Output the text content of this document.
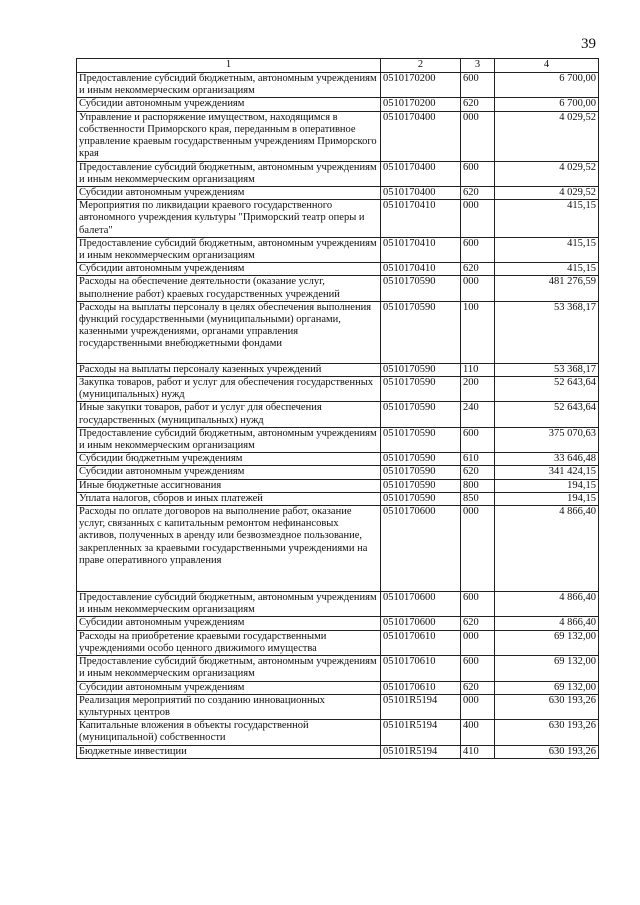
39
1	2	3	4
Предоставление субсидий бюджетным, автономным учреждениям и иным некоммерческим организациям	0510170200	600	6 700,00
Субсидии автономным учреждениям	0510170200	620	6 700,00
Управление и распоряжение имуществом, находящимся в собственности Приморского края, переданным в оперативное управление краевым государственным учреждениям Приморского края	0510170400	000	4 029,52
Предоставление субсидий бюджетным, автономным учреждениям и иным некоммерческим организациям	0510170400	600	4 029,52
Субсидии автономным учреждениям	0510170400	620	4 029,52
Мероприятия по ликвидации краевого государственного автономного учреждения культуры "Приморский театр оперы и балета"	0510170410	000	415,15
Предоставление субсидий бюджетным, автономным учреждениям и иным некоммерческим организациям	0510170410	600	415,15
Субсидии автономным учреждениям	0510170410	620	415,15
Расходы на обеспечение деятельности (оказание услуг, выполнение работ) краевых государственных учреждений	0510170590	000	481 276,59
Расходы на выплаты персоналу в целях обеспечения выполнения функций государственными (муниципальными) органами, казенными учреждениями, органами управления государственными внебюджетными фондами	0510170590	100	53 368,17
Расходы на выплаты персоналу казенных учреждений	0510170590	110	53 368,17
Закупка товаров, работ и услуг для обеспечения государственных (муниципальных) нужд	0510170590	200	52 643,64
Иные закупки товаров, работ и услуг для обеспечения государственных (муниципальных) нужд	0510170590	240	52 643,64
Предоставление субсидий бюджетным, автономным учреждениям и иным некоммерческим организациям	0510170590	600	375 070,63
Субсидии бюджетным учреждениям	0510170590	610	33 646,48
Субсидии автономным учреждениям	0510170590	620	341 424,15
Иные бюджетные ассигнования	0510170590	800	194,15
Уплата налогов, сборов и иных платежей	0510170590	850	194,15
Расходы по оплате договоров на выполнение работ, оказание услуг, связанных с капитальным ремонтом нефинансовых активов, полученных в аренду или безвозмездное пользование, закрепленных за краевыми государственными учреждениями на праве оперативного управления	0510170600	000	4 866,40
Предоставление субсидий бюджетным, автономным учреждениям и иным некоммерческим организациям	0510170600	600	4 866,40
Субсидии автономным учреждениям	0510170600	620	4 866,40
Расходы на приобретение краевыми государственными учреждениями особо ценного движимого имущества	0510170610	000	69 132,00
Предоставление субсидий бюджетным, автономным учреждениям и иным некоммерческим организациям	0510170610	600	69 132,00
Субсидии автономным учреждениям	0510170610	620	69 132,00
Реализация мероприятий по созданию инновационных культурных центров	05101R5194	000	630 193,26
Капитальные вложения в объекты государственной (муниципальной) собственности	05101R5194	400	630 193,26
Бюджетные инвестиции	05101R5194	410	630 193,26
